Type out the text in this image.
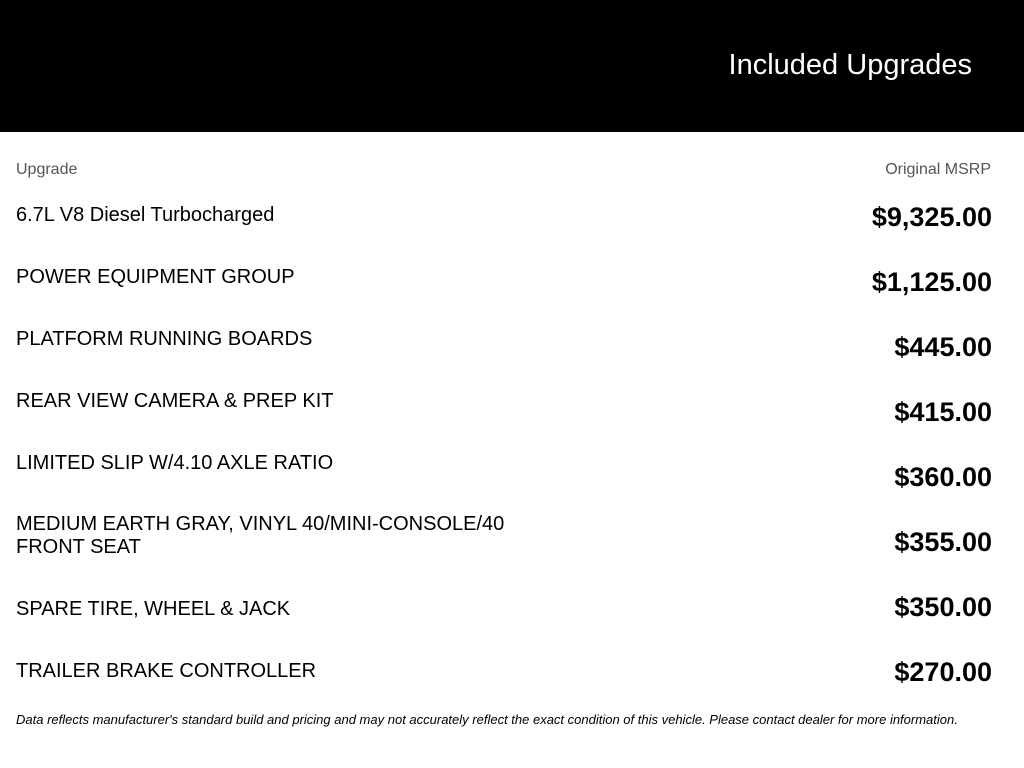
Included Upgrades
Upgrade	Original MSRP
6.7L V8 Diesel Turbocharged	$9,325.00
POWER EQUIPMENT GROUP	$1,125.00
PLATFORM RUNNING BOARDS	$445.00
REAR VIEW CAMERA & PREP KIT	$415.00
LIMITED SLIP W/4.10 AXLE RATIO	$360.00
MEDIUM EARTH GRAY, VINYL 40/MINI-CONSOLE/40 FRONT SEAT	$355.00
SPARE TIRE, WHEEL & JACK	$350.00
TRAILER BRAKE CONTROLLER	$270.00
Data reflects manufacturer's standard build and pricing and may not accurately reflect the exact condition of this vehicle. Please contact dealer for more information.
